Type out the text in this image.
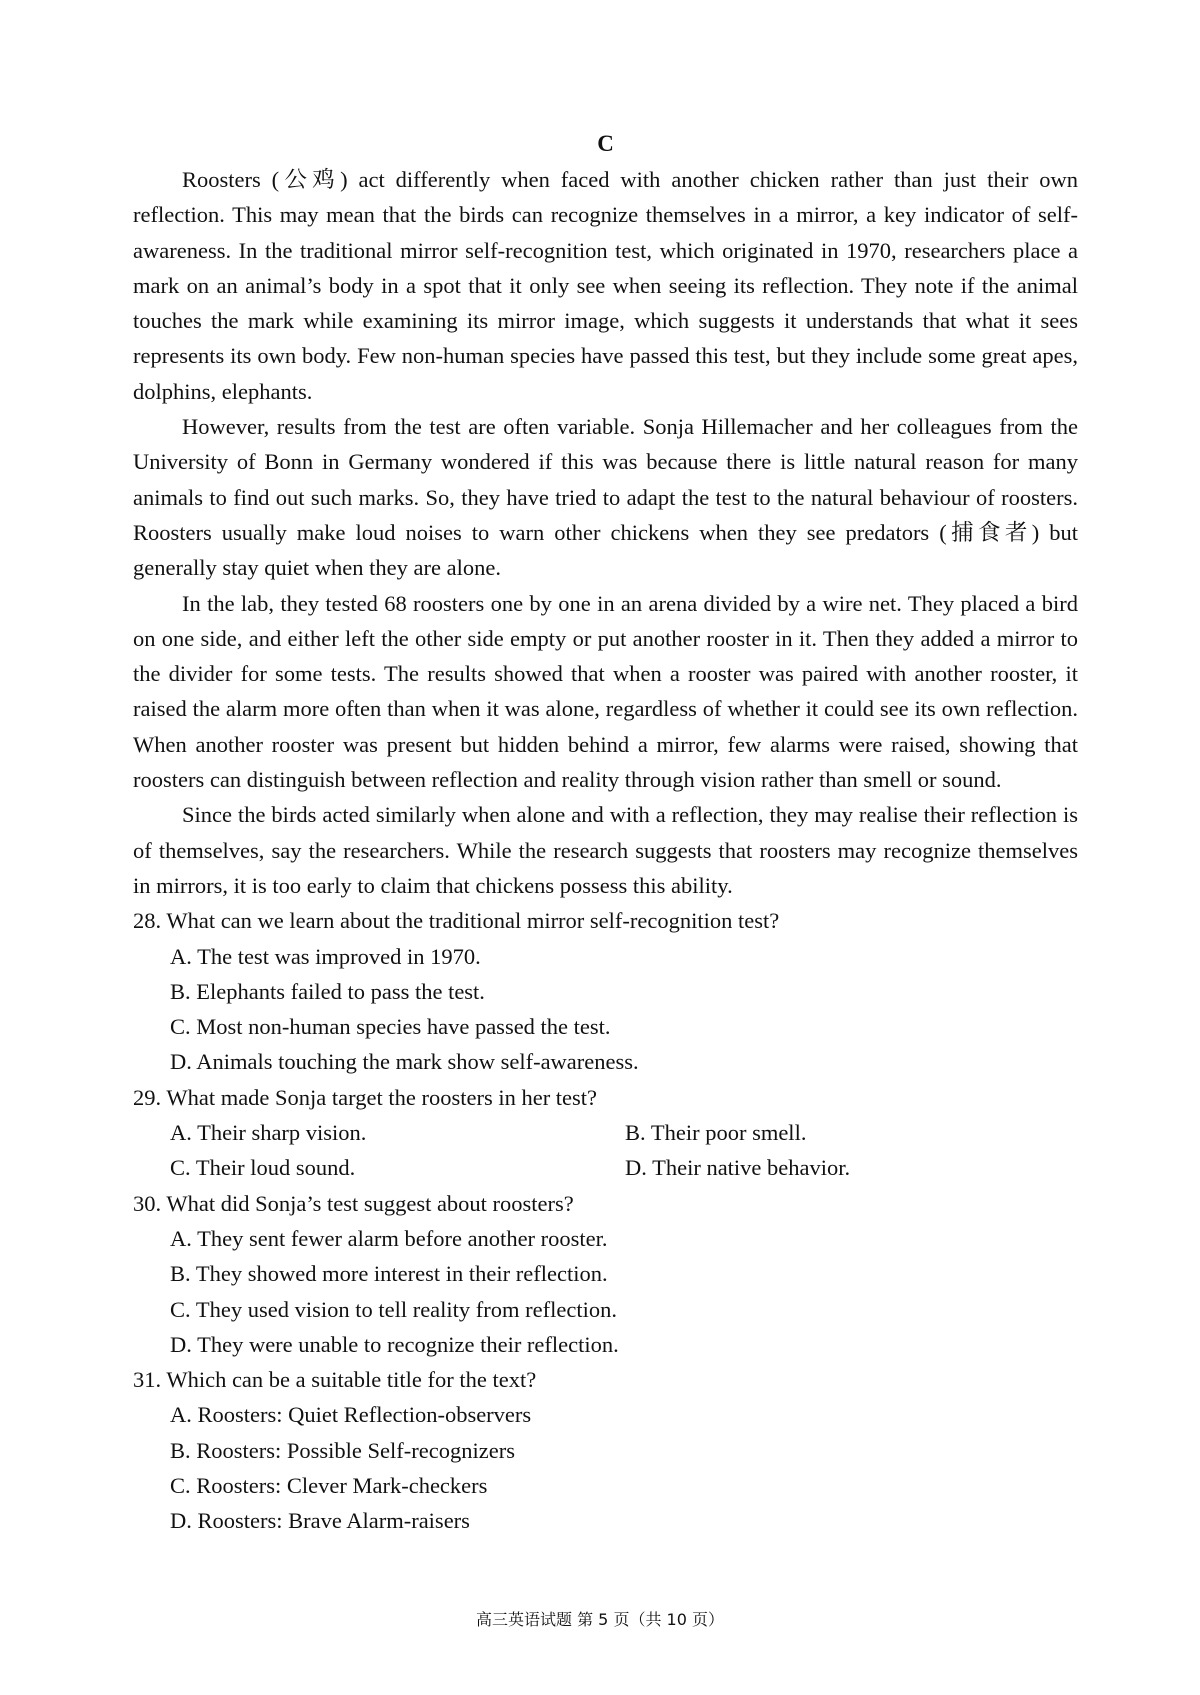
C

Roosters (公鸡) act differently when faced with another chicken rather than just their own reflection. This may mean that the birds can recognize themselves in a mirror, a key indicator of self-awareness. In the traditional mirror self-recognition test, which originated in 1970, researchers place a mark on an animal’s body in a spot that it only see when seeing its reflection. They note if the animal touches the mark while examining its mirror image, which suggests it understands that what it sees represents its own body. Few non-human species have passed this test, but they include some great apes, dolphins, elephants.

However, results from the test are often variable. Sonja Hillemacher and her colleagues from the University of Bonn in Germany wondered if this was because there is little natural reason for many animals to find out such marks. So, they have tried to adapt the test to the natural behaviour of roosters. Roosters usually make loud noises to warn other chickens when they see predators (捕食者) but generally stay quiet when they are alone.

In the lab, they tested 68 roosters one by one in an arena divided by a wire net. They placed a bird on one side, and either left the other side empty or put another rooster in it. Then they added a mirror to the divider for some tests. The results showed that when a rooster was paired with another rooster, it raised the alarm more often than when it was alone, regardless of whether it could see its own reflection. When another rooster was present but hidden behind a mirror, few alarms were raised, showing that roosters can distinguish between reflection and reality through vision rather than smell or sound.

Since the birds acted similarly when alone and with a reflection, they may realise their reflection is of themselves, say the researchers. While the research suggests that roosters may recognize themselves in mirrors, it is too early to claim that chickens possess this ability.

28. What can we learn about the traditional mirror self-recognition test?

A. The test was improved in 1970.

B. Elephants failed to pass the test.

C. Most non-human species have passed the test.

D. Animals touching the mark show self-awareness.

29. What made Sonja target the roosters in her test?

A. Their sharp vision.	B. Their poor smell.

C. Their loud sound.	D. Their native behavior.

30. What did Sonja’s test suggest about roosters?

A. They sent fewer alarm before another rooster.

B. They showed more interest in their reflection.

C. They used vision to tell reality from reflection.

D. They were unable to recognize their reflection.

31. Which can be a suitable title for the text?

A. Roosters: Quiet Reflection-observers

B. Roosters: Possible Self-recognizers

C. Roosters: Clever Mark-checkers

D. Roosters: Brave Alarm-raisers

高三英语试题 第 5 页（共 10 页）
